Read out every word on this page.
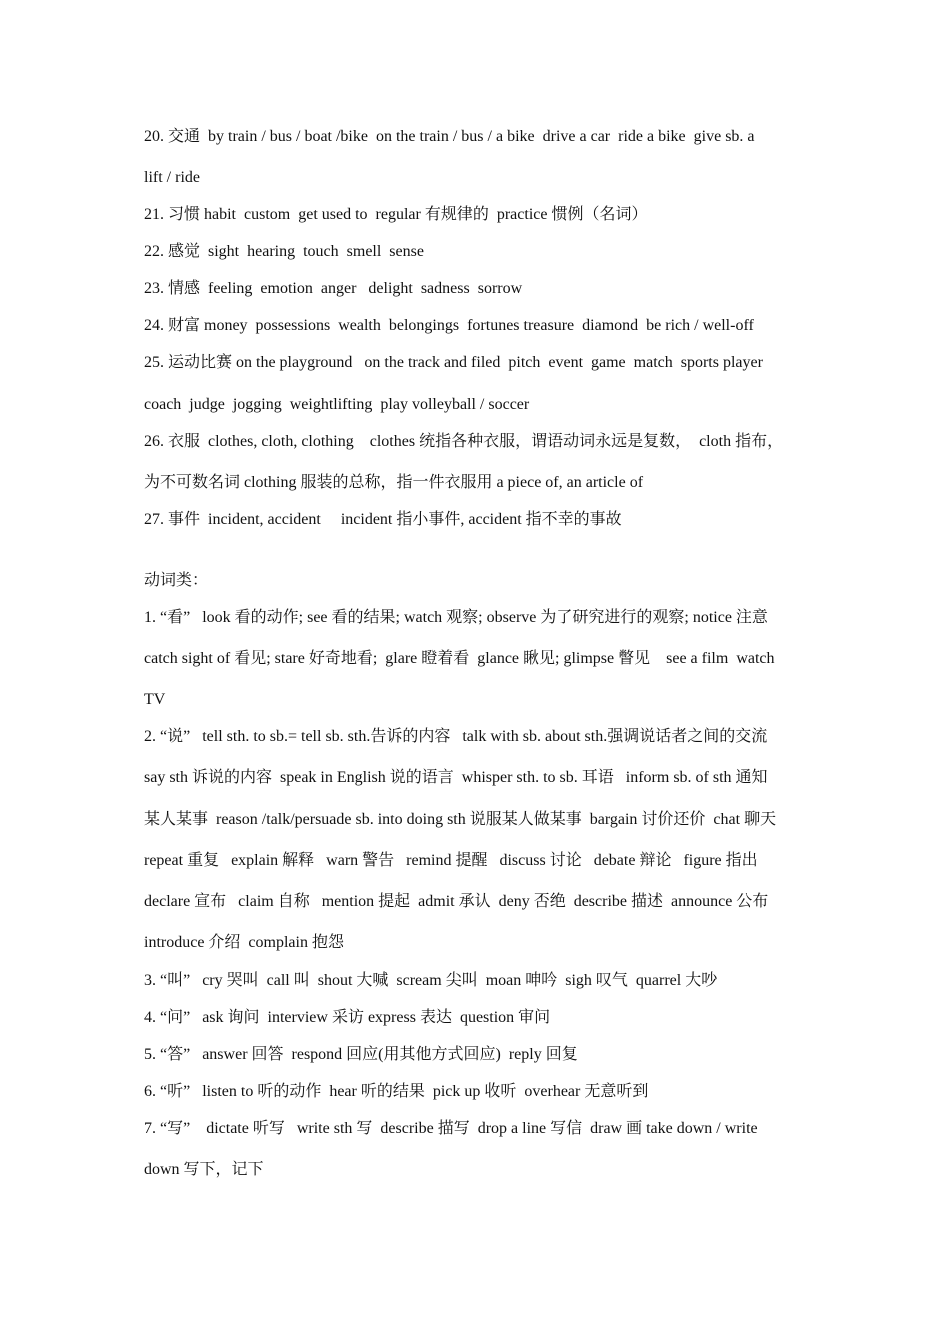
20. 交通  by train / bus / boat /bike  on the train / bus / a bike  drive a car  ride a bike  give sb. a
lift / ride
21. 习惯 habit  custom  get used to  regular 有规律的  practice 惯例（名词）
22. 感觉  sight  hearing  touch  smell  sense
23. 情感  feeling  emotion  anger   delight  sadness  sorrow
24. 财富 money  possessions  wealth  belongings  fortunes treasure  diamond  be rich / well-off
25. 运动比赛 on the playground   on the track and filed  pitch  event  game  match  sports player
coach  judge  jogging  weightlifting  play volleyball / soccer
26. 衣服  clothes, cloth, clothing    clothes 统指各种衣服，谓语动词永远是复数，  cloth 指布，
为不可数名词 clothing 服装的总称，指一件衣服用 a piece of, an article of
27. 事件  incident, accident     incident 指小事件, accident 指不幸的事故
动词类：
1. “看”   look 看的动作; see 看的结果; watch 观察; observe 为了研究进行的观察; notice 注意
catch sight of 看见; stare 好奇地看;  glare 瞪着看  glance 瞅见; glimpse 瞥见    see a film  watch
TV
2. “说”   tell sth. to sb.= tell sb. sth.告诉的内容   talk with sb. about sth.强调说话者之间的交流
say sth 诉说的内容  speak in English 说的语言  whisper sth. to sb. 耳语   inform sb. of sth 通知
某人某事  reason /talk/persuade sb. into doing sth 说服某人做某事  bargain 讨价还价  chat 聊天
repeat 重复   explain 解释   warn 警告   remind 提醒   discuss 讨论   debate 辩论   figure 指出
declare 宣布   claim 自称   mention 提起  admit 承认  deny 否绝  describe 描述  announce 公布
introduce 介绍  complain 抱怨
3. “叫”   cry 哭叫  call 叫  shout 大喊  scream 尖叫  moan 呻吟  sigh 叹气  quarrel 大吵
4. “问”   ask 询问  interview 采访 express 表达  question 审问
5. “答”   answer 回答  respond 回应(用其他方式回应)  reply 回复
6. “听”   listen to 听的动作  hear 听的结果  pick up 收听  overhear 无意听到
7. “写”    dictate 听写   write sth 写  describe 描写  drop a line 写信  draw 画 take down / write
down 写下，记下
